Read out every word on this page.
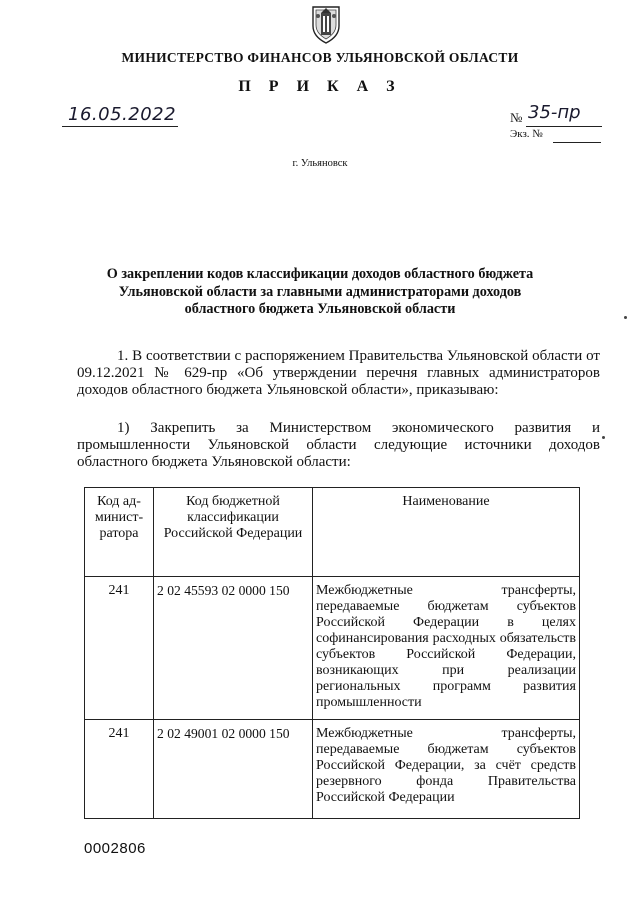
МИНИСТЕРСТВО ФИНАНСОВ УЛЬЯНОВСКОЙ ОБЛАСТИ
П Р И К А З
16.05.2022	№ 35-пр
Экз. №
г. Ульяновск
О закреплении кодов классификации доходов областного бюджета
Ульяновской области за главными администраторами доходов
областного бюджета Ульяновской области

1. В соответствии с распоряжением Правительства Ульяновской области от 09.12.2021 № 629-пр «Об утверждении перечня главных администраторов доходов областного бюджета Ульяновской области», приказываю:

1) Закрепить за Министерством экономического развития и промышленности Ульяновской области следующие источники доходов областного бюджета Ульяновской области:

Код ад-минист-ратора	Код бюджетной классификации Российской Федерации	Наименование
241	2 02 45593 02 0000 150	Межбюджетные трансферты, передаваемые бюджетам субъектов Российской Федерации в целях софинансирования расходных обязательств субъектов Российской Федерации, возникающих при реализации региональных программ развития промышленности
241	2 02 49001 02 0000 150	Межбюджетные трансферты, передаваемые бюджетам субъектов Российской Федерации, за счёт средств резервного фонда Правительства Российской Федерации
0002806
